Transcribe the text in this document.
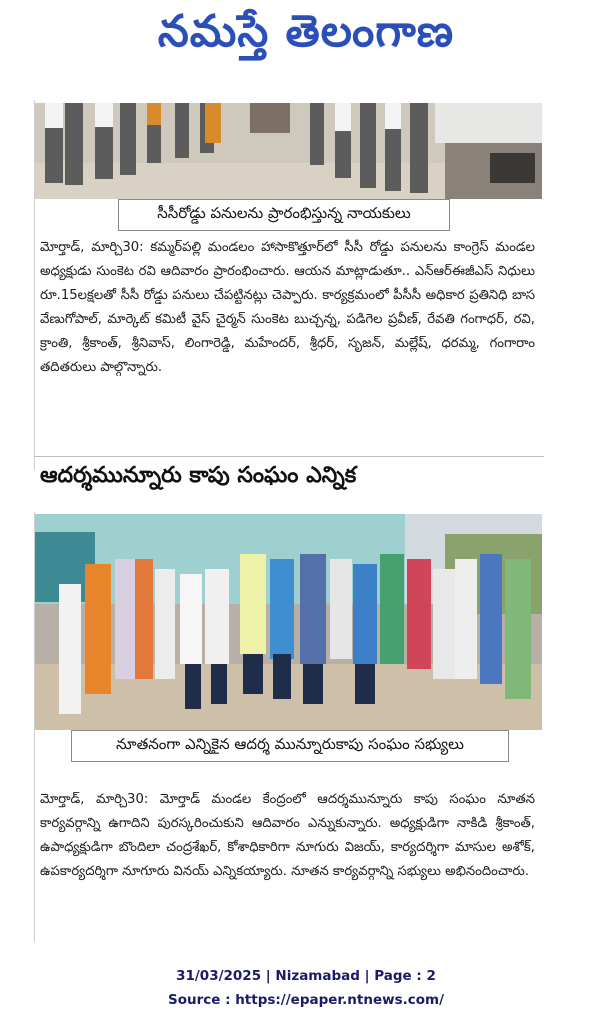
నమస్తే తెలంగాణ
సీసీరోడ్డు పనులను ప్రారంభిస్తున్న నాయకులు

మోర్తాడ్, మార్చి30: కమ్మర్‌పల్లి మండలం హాసాకొత్తూర్‌లో సీసీ రోడ్డు పనులను కాంగ్రెస్ మండల అధ్యక్షుడు సుంకెట రవి ఆదివారం ప్రారంభించారు. ఆయన మాట్లాడుతూ.. ఎన్‌ఆర్‌ఈజీఎస్ నిధులు రూ.15లక్షలతో సీసీ రోడ్డు పనులు చేపట్టినట్లు చెప్పారు. కార్యక్రమంలో పీసీసీ అధికార ప్రతినిధి బాస వేణుగోపాల్, మార్కెట్ కమిటీ వైస్ చైర్మన్ సుంకెట బుచ్చన్న, పడిగెల ప్రవీణ్, రేవతి గంగాధర్, రవి, క్రాంతి, శ్రీకాంత్, శ్రీనివాస్, లింగారెడ్డి, మహేందర్, శ్రీధర్, సృజన్, మల్లేష్, ధరమ్మ, గంగారాం తదితరులు పాల్గొన్నారు.

ఆదర్శమున్నూరు కాపు సంఘం ఎన్నిక
నూతనంగా ఎన్నికైన ఆదర్శ మున్నూరుకాపు సంఘం సభ్యులు

మోర్తాడ్, మార్చి30: మోర్తాడ్ మండల కేంద్రంలో ఆదర్శమున్నూరు కాపు సంఘం నూతన కార్యవర్గాన్ని ఉగాదిని పురస్కరించుకుని ఆదివారం ఎన్నుకున్నారు. అధ్యక్షుడిగా నాకిడి శ్రీకాంత్, ఉపాధ్యక్షుడిగా బొందిలా చంద్రశేఖర్, కోశాధికారిగా నూగురు విజయ్, కార్యదర్శిగా మాసుల అశోక్, ఉపకార్యదర్శిగా నూగూరు వినయ్ ఎన్నికయ్యారు. నూతన కార్యవర్గాన్ని సభ్యులు అభినందించారు.

31/03/2025 | Nizamabad | Page : 2
Source : https://epaper.ntnews.com/
